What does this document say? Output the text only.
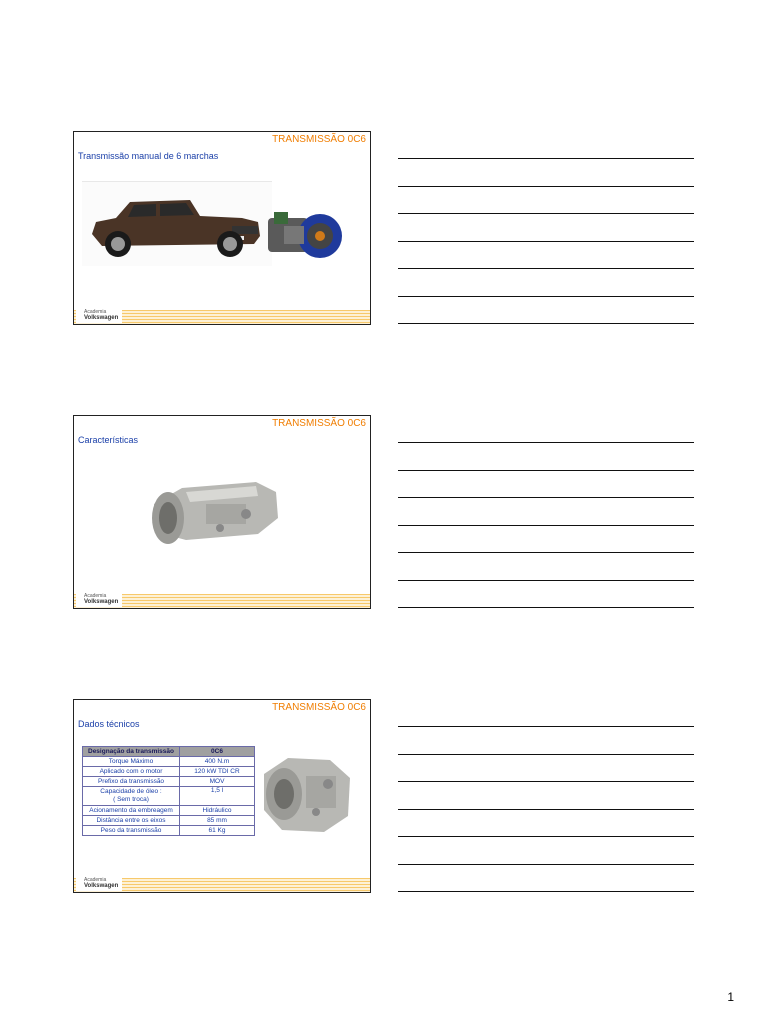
TRANSMISSÃO 0C6
Transmissão manual de 6 marchas
Academia
Volkswagen
TRANSMISSÃO 0C6
Características
Academia
Volkswagen
TRANSMISSÃO 0C6
Dados técnicos
Designação da transmissão	0C6
Torque Máximo	400 N.m
Aplicado com o motor	120 kW TDI CR
Prefixo da transmissão	MOV
Capacidade de óleo :
( Sem troca)	1,5 l
Acionamento da embreagem	Hidráulico
Distância entre os eixos	85 mm
Peso da transmissão	61 Kg
Academia
Volkswagen
1
